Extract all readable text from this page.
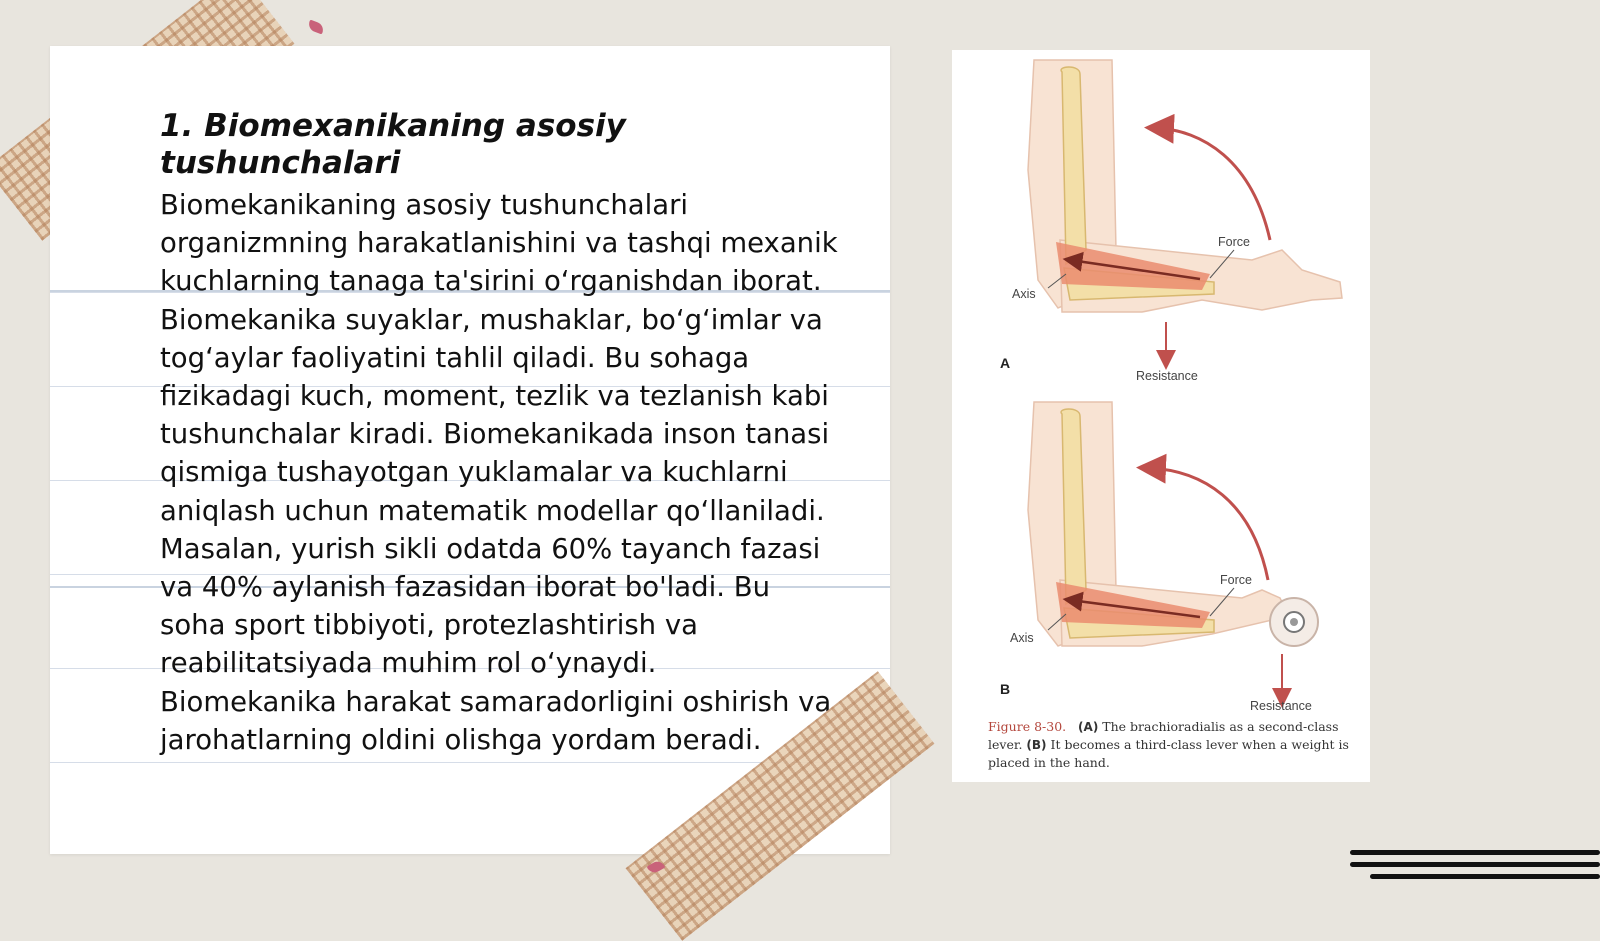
1. Biomexanikaning asosiy tushunchalari

Biomekanikaning asosiy tushunchalari organizmning harakatlanishini va tashqi mexanik kuchlarning tanaga ta'sirini o‘rganishdan iborat. Biomekanika suyaklar, mushaklar, bo‘g‘imlar va tog‘aylar faoliyatini tahlil qiladi. Bu sohaga fizikadagi kuch, moment, tezlik va tezlanish kabi tushunchalar kiradi. Biomekanikada inson tanasi qismiga tushayotgan yuklamalar va kuchlarni aniqlash uchun matematik modellar qo‘llaniladi. Masalan, yurish sikli odatda 60% tayanch fazasi va 40% aylanish fazasidan iborat bo'ladi. Bu soha sport tibbiyoti, protezlashtirish va reabilitatsiyada muhim rol o‘ynaydi. Biomekanika harakat samaradorligini oshirish va jarohatlarning oldini olishga yordam beradi.

Force
Axis
Resistance
A
Force
Axis
Resistance
B
Figure 8-30. (A) The brachioradialis as a second-class lever. (B) It becomes a third-class lever when a weight is placed in the hand.
